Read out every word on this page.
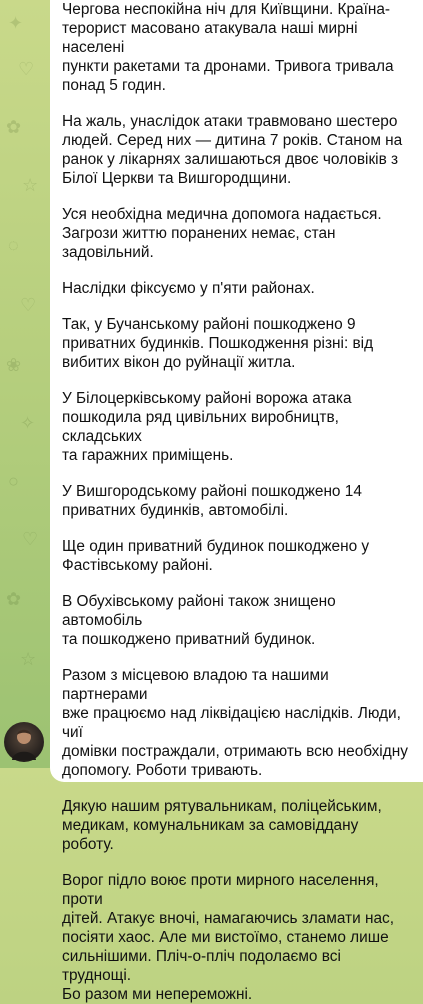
✦
♡
✿
☆
◌
♡
❀
✧
○
♡
✿
☆

Чергова неспокійна ніч для Київщини. Країна-
терорист масовано атакувала наші мирні населені
пункти ракетами та дронами. Тривога тривала
понад 5 годин.

На жаль, унаслідок атаки травмовано шестеро
людей. Серед них — дитина 7 років. Станом на
ранок у лікарнях залишаються двоє чоловіків з
Білої Церкви та Вишгородщини.

Уся необхідна медична допомога надається.
Загрози життю поранених немає, стан задовільний.

Наслідки фіксуємо у п'яти районах.

Так, у Бучанському районі пошкоджено 9
приватних будинків. Пошкодження різні: від
вибитих вікон до руйнації житла.

У Білоцерківському районі ворожа атака
пошкодила ряд цивільних виробництв, складських
та гаражних приміщень.

У Вишгородському районі пошкоджено 14
приватних будинків, автомобілі.

Ще один приватний будинок пошкоджено у
Фастівському районі.

В Обухівському районі також знищено автомобіль
та пошкоджено приватний будинок.

Разом з місцевою владою та нашими партнерами
вже працюємо над ліквідацією наслідків. Люди, чиї
домівки постраждали, отримають всю необхідну
допомогу. Роботи тривають.

Дякую нашим рятувальникам, поліцейським,
медикам, комунальникам за самовіддану роботу.

Ворог підло воює проти мирного населення, проти
дітей. Атакує вночі, намагаючись зламати нас,
посіяти хаос. Але ми вистоїмо, станемо лише
сильнішими. Пліч-о-пліч подолаємо всі труднощі.
Бо разом ми непереможні.
